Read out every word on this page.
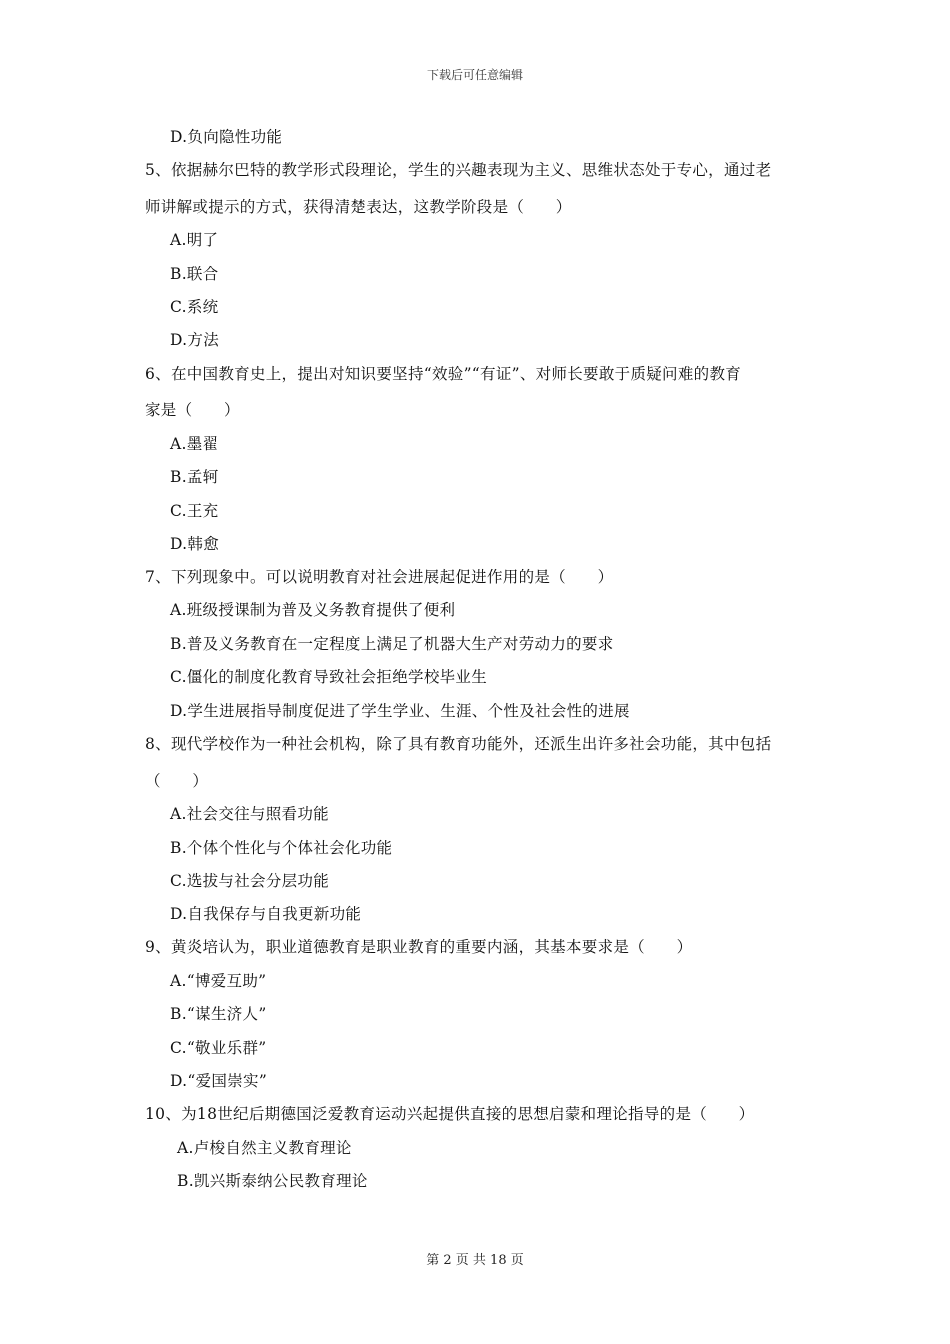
下载后可任意编辑
D.负向隐性功能
5、依据赫尔巴特的教学形式段理论，学生的兴趣表现为主义、思维状态处于专心，通过老
师讲解或提示的方式，获得清楚表达，这教学阶段是（　　）
A.明了
B.联合
C.系统
D.方法
6、在中国教育史上，提出对知识要坚持“效验”“有证”、对师长要敢于质疑问难的教育
家是（　　）
A.墨翟
B.孟轲
C.王充
D.韩愈
7、下列现象中。可以说明教育对社会进展起促进作用的是（　　）
A.班级授课制为普及义务教育提供了便利
B.普及义务教育在一定程度上满足了机器大生产对劳动力的要求
C.僵化的制度化教育导致社会拒绝学校毕业生
D.学生进展指导制度促进了学生学业、生涯、个性及社会性的进展
8、现代学校作为一种社会机构，除了具有教育功能外，还派生出许多社会功能，其中包括
（　　）
A.社会交往与照看功能
B.个体个性化与个体社会化功能
C.选拔与社会分层功能
D.自我保存与自我更新功能
9、黄炎培认为，职业道德教育是职业教育的重要内涵，其基本要求是（　　）
A.“博爱互助”
B.“谋生济人”
C.“敬业乐群”
D.“爱国崇实”
10、为18世纪后期德国泛爱教育运动兴起提供直接的思想启蒙和理论指导的是（　　）
A.卢梭自然主义教育理论
B.凯兴斯泰纳公民教育理论
第 2 页 共 18 页
